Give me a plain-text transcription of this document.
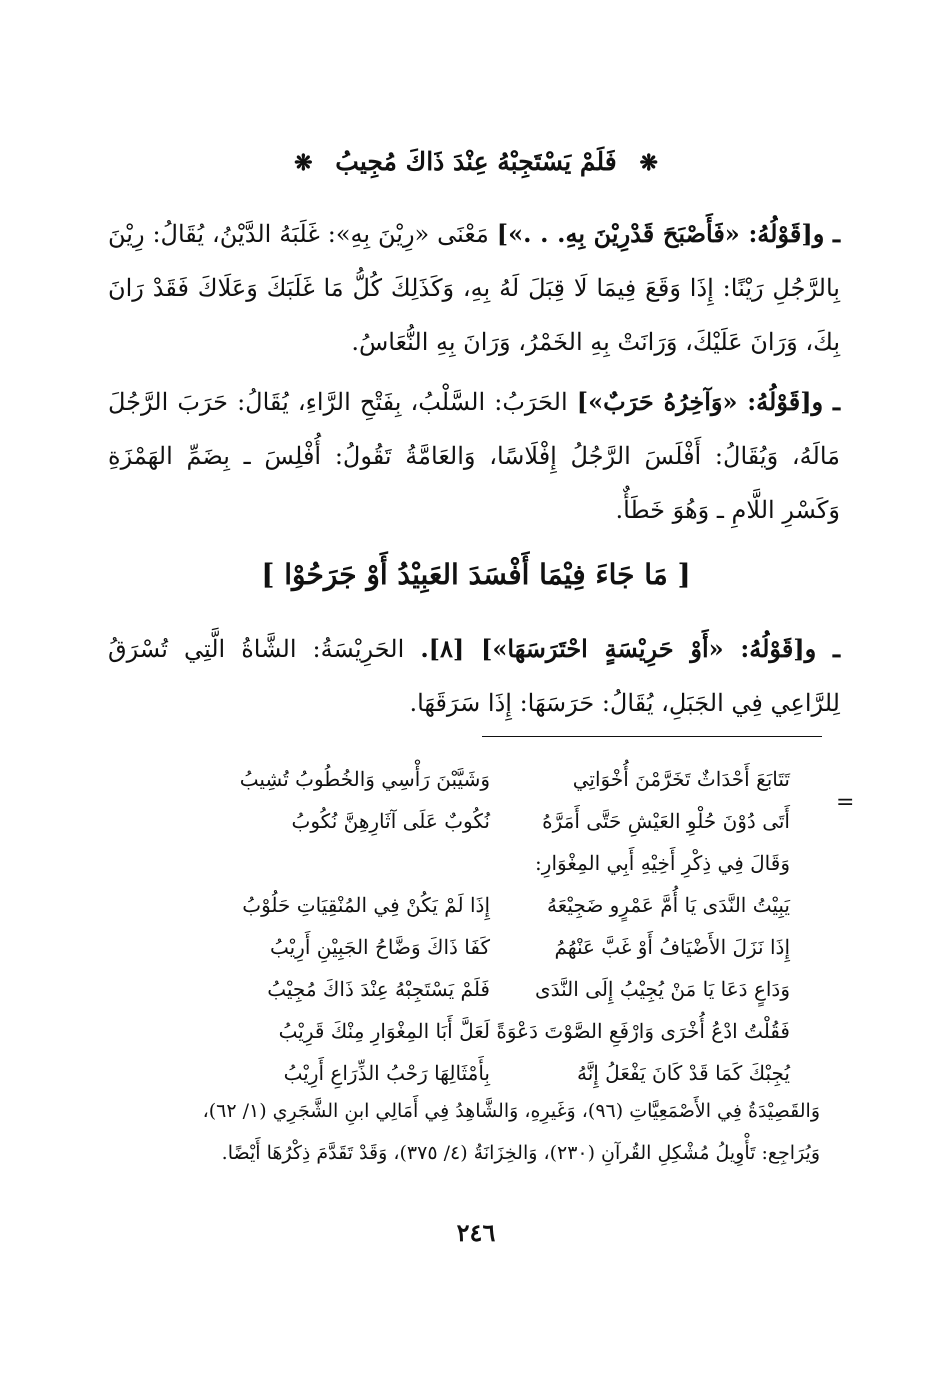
❋ فَلَمْ يَسْتَجِبْهُ عِنْدَ ذَاكَ مُجِيبُ ❋
ـ و[قَوْلُهُ: «فَأَصْبَحَ قَدْرِيْنَ بِهِ. . .»] مَعْنَى «رِيْنَ بِهِ»: غَلَبَهُ الدَّيْنُ، يُقَالُ: رِيْنَ بِالرَّجُلِ رَيْنًا: إِذَا وَقَعَ فِيمَا لَا قِبَلَ لَهُ بِهِ، وَكَذَلِكَ كُلُّ مَا غَلَبَكَ وَعَلَاكَ فَقَدْ رَانَ بِكَ، وَرَانَ عَلَيْكَ، وَرَانَتْ بِهِ الخَمْرُ، وَرَانَ بِهِ النُّعَاسُ.
ـ و[قَوْلُهُ: «وَآخِرُهُ حَرَبٌ»] الحَرَبُ: السَّلْبُ، بِفَتْحِ الرَّاءِ، يُقَالُ: حَرَبَ الرَّجُلَ مَالَهُ، وَيُقَالُ: أَفْلَسَ الرَّجُلُ إِفْلَاسًا، وَالعَامَّةُ تَقُولُ: أُفْلِسَ ـ بِضَمِّ الهَمْزَةِ وَكَسْرِ اللَّامِ ـ وَهُوَ خَطَأٌ.
[ مَا جَاءَ فِيْمَا أَفْسَدَ العَبِيْدُ أَوْ جَرَحُوْا ]
ـ و[قَوْلُهُ: «أَوْ حَرِيْسَةٍ احْتَرَسَهَا»] [٨]. الحَرِيْسَةُ: الشَّاةُ الَّتِي تُسْرَقُ لِلرَّاعِي فِي الجَبَلِ، يُقَالُ: حَرَسَهَا: إِذَا سَرَقَهَا.
=
تَتَابَعَ أَحْدَاثٌ تَخَرَّمْنَ أُخْوَاتِي
وَشَيَّبْنَ رَأْسِي وَالخُطُوبُ تُشِيبُ
أَتَى دُوْنَ حُلْوِ العَيْشِ حَتَّى أَمَرَّهُ
نُكُوبٌ عَلَى آثَارِهِنَّ نُكُوبُ
وَقَالَ فِي ذِكْرِ أَخِيْهِ أَبِي المِغْوَارِ:
يَبِيْتُ النَّدَى يَا أُمَّ عَمْرٍو ضَجِيْعَهُ
إِذَا لَمْ يَكُنْ فِي المُنْقِيَاتِ حَلُوْبُ
إِذَا نَزَلَ الأَضْيَافُ أَوْ غَبَّ عَنْهُمُ
كَفَا ذَاكَ وَضَّاحُ الجَبِيْنِ أَرِيْبُ
وَدَاعٍ دَعَا يَا مَنْ يُجِيْبُ إِلَى النَّدَى
فَلَمْ يَسْتَجِبْهُ عِنْدَ ذَاكَ مُجِيْبُ
فَقُلْتُ ادْعُ أُخْرَى وَارْفَعِ الصَّوْتَ دَعْوَةً
لَعَلَّ أَبَا المِغْوَارِ مِنْكَ قَرِيْبُ
يُجِبْكَ كَمَا قَدْ كَانَ يَفْعَلُ إِنَّهُ
بِأَمْثَالِهَا رَحْبُ الذِّرَاعِ أَرِيْبُ
وَالقَصِيْدَةُ فِي الأَصْمَعِيَّاتِ (٩٦)، وَغَيرِهِ، وَالشَّاهِدُ فِي أَمَالِي ابنِ الشَّجَرِي (١/ ٦٢)،
وَيُرَاجِع: تَأْوِيلُ مُشْكِلِ القُرآنِ (٢٣٠)، وَالخِزَانَةُ (٤/ ٣٧٥)، وَقَدْ تَقَدَّمَ ذِكْرُهَا أَيْضًا.
٢٤٦
